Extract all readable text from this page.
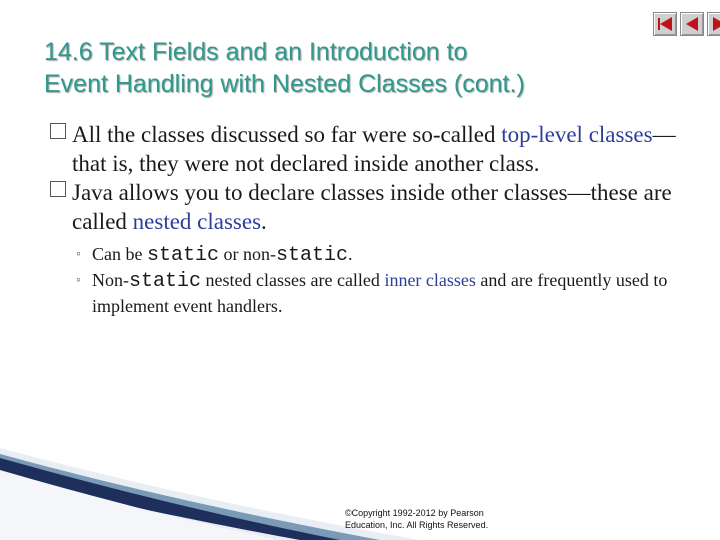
14.6 Text Fields and an Introduction to
Event Handling with Nested Classes (cont.)

All the classes discussed so far were so-called top-level classes—that is, they were not declared inside another class.

Java allows you to declare classes inside other classes—these are called nested classes.

◦ Can be static or non-static.

◦ Non-static nested classes are called inner classes and are frequently used to implement event handlers.

©Copyright 1992-2012 by Pearson
Education, Inc. All Rights Reserved.
